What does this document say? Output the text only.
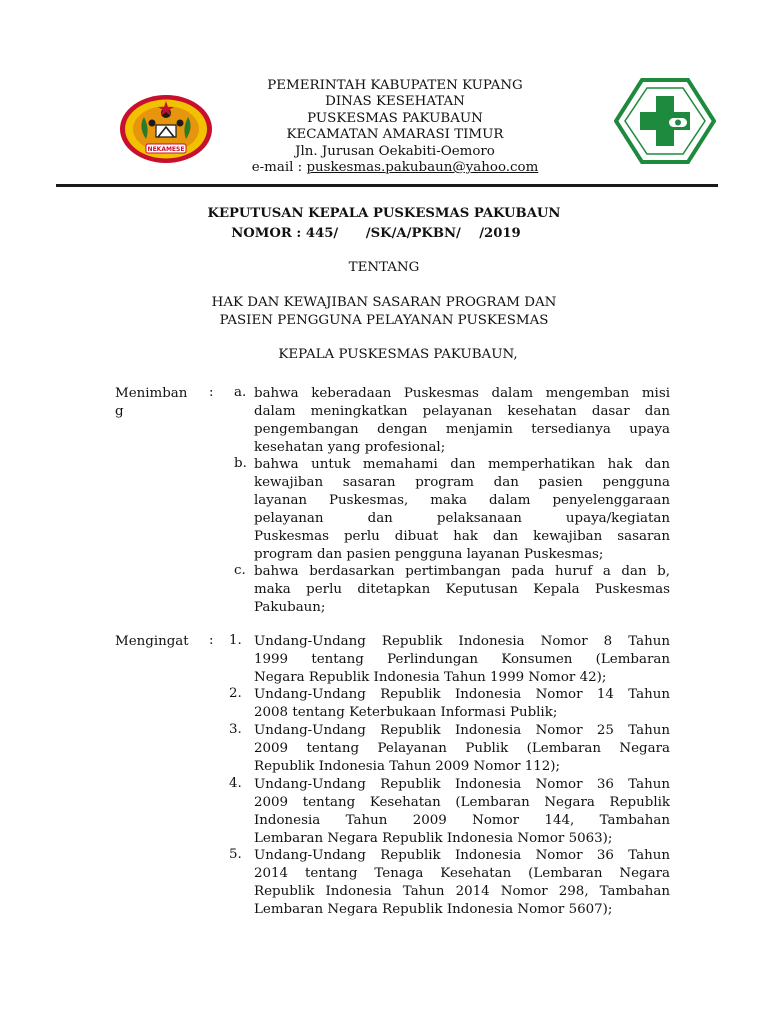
NEKAMESE
PEMERINTAH KABUPATEN KUPANG
DINAS KESEHATAN
PUSKESMAS PAKUBAUN
KECAMATAN AMARASI TIMUR
Jln. Jurusan Oekabiti-Oemoro
e-mail : puskesmas.pakubaun@yahoo.com
KEPUTUSAN KEPALA PUSKESMAS PAKUBAUN
NOMOR : 445/      /SK/A/PKBN/    /2019
TENTANG
HAK DAN KEWAJIBAN SASARAN PROGRAM DAN
PASIEN PENGGUNA PELAYANAN PUSKESMAS
KEPALA PUSKESMAS PAKUBAUN,
Menimban
g
: a. bahwa keberadaan Puskesmas dalam mengemban misi
dalam meningkatkan pelayanan kesehatan dasar dan
pengembangan dengan menjamin tersedianya upaya
kesehatan yang profesional;
b. bahwa untuk memahami dan memperhatikan hak dan
kewajiban sasaran program dan pasien pengguna
layanan Puskesmas, maka dalam penyelenggaraan
pelayanan dan pelaksanaan upaya/kegiatan
Puskesmas perlu dibuat hak dan kewajiban sasaran
program dan pasien pengguna layanan Puskesmas;
c. bahwa berdasarkan pertimbangan pada huruf a dan b,
maka perlu ditetapkan Keputusan Kepala Puskesmas
Pakubaun;
Mengingat : 1. Undang-Undang Republik Indonesia Nomor 8 Tahun
1999 tentang Perlindungan Konsumen (Lembaran
Negara Republik Indonesia Tahun 1999 Nomor 42);
2. Undang-Undang Republik Indonesia Nomor 14 Tahun
2008 tentang Keterbukaan Informasi Publik;
3. Undang-Undang Republik Indonesia Nomor 25 Tahun
2009 tentang Pelayanan Publik (Lembaran Negara
Republik Indonesia Tahun 2009 Nomor 112);
4. Undang-Undang Republik Indonesia Nomor 36 Tahun
2009 tentang Kesehatan (Lembaran Negara Republik
Indonesia Tahun 2009 Nomor 144, Tambahan
Lembaran Negara Republik Indonesia Nomor 5063);
5. Undang-Undang Republik Indonesia Nomor 36 Tahun
2014 tentang Tenaga Kesehatan (Lembaran Negara
Republik Indonesia Tahun 2014 Nomor 298, Tambahan
Lembaran Negara Republik Indonesia Nomor 5607);
